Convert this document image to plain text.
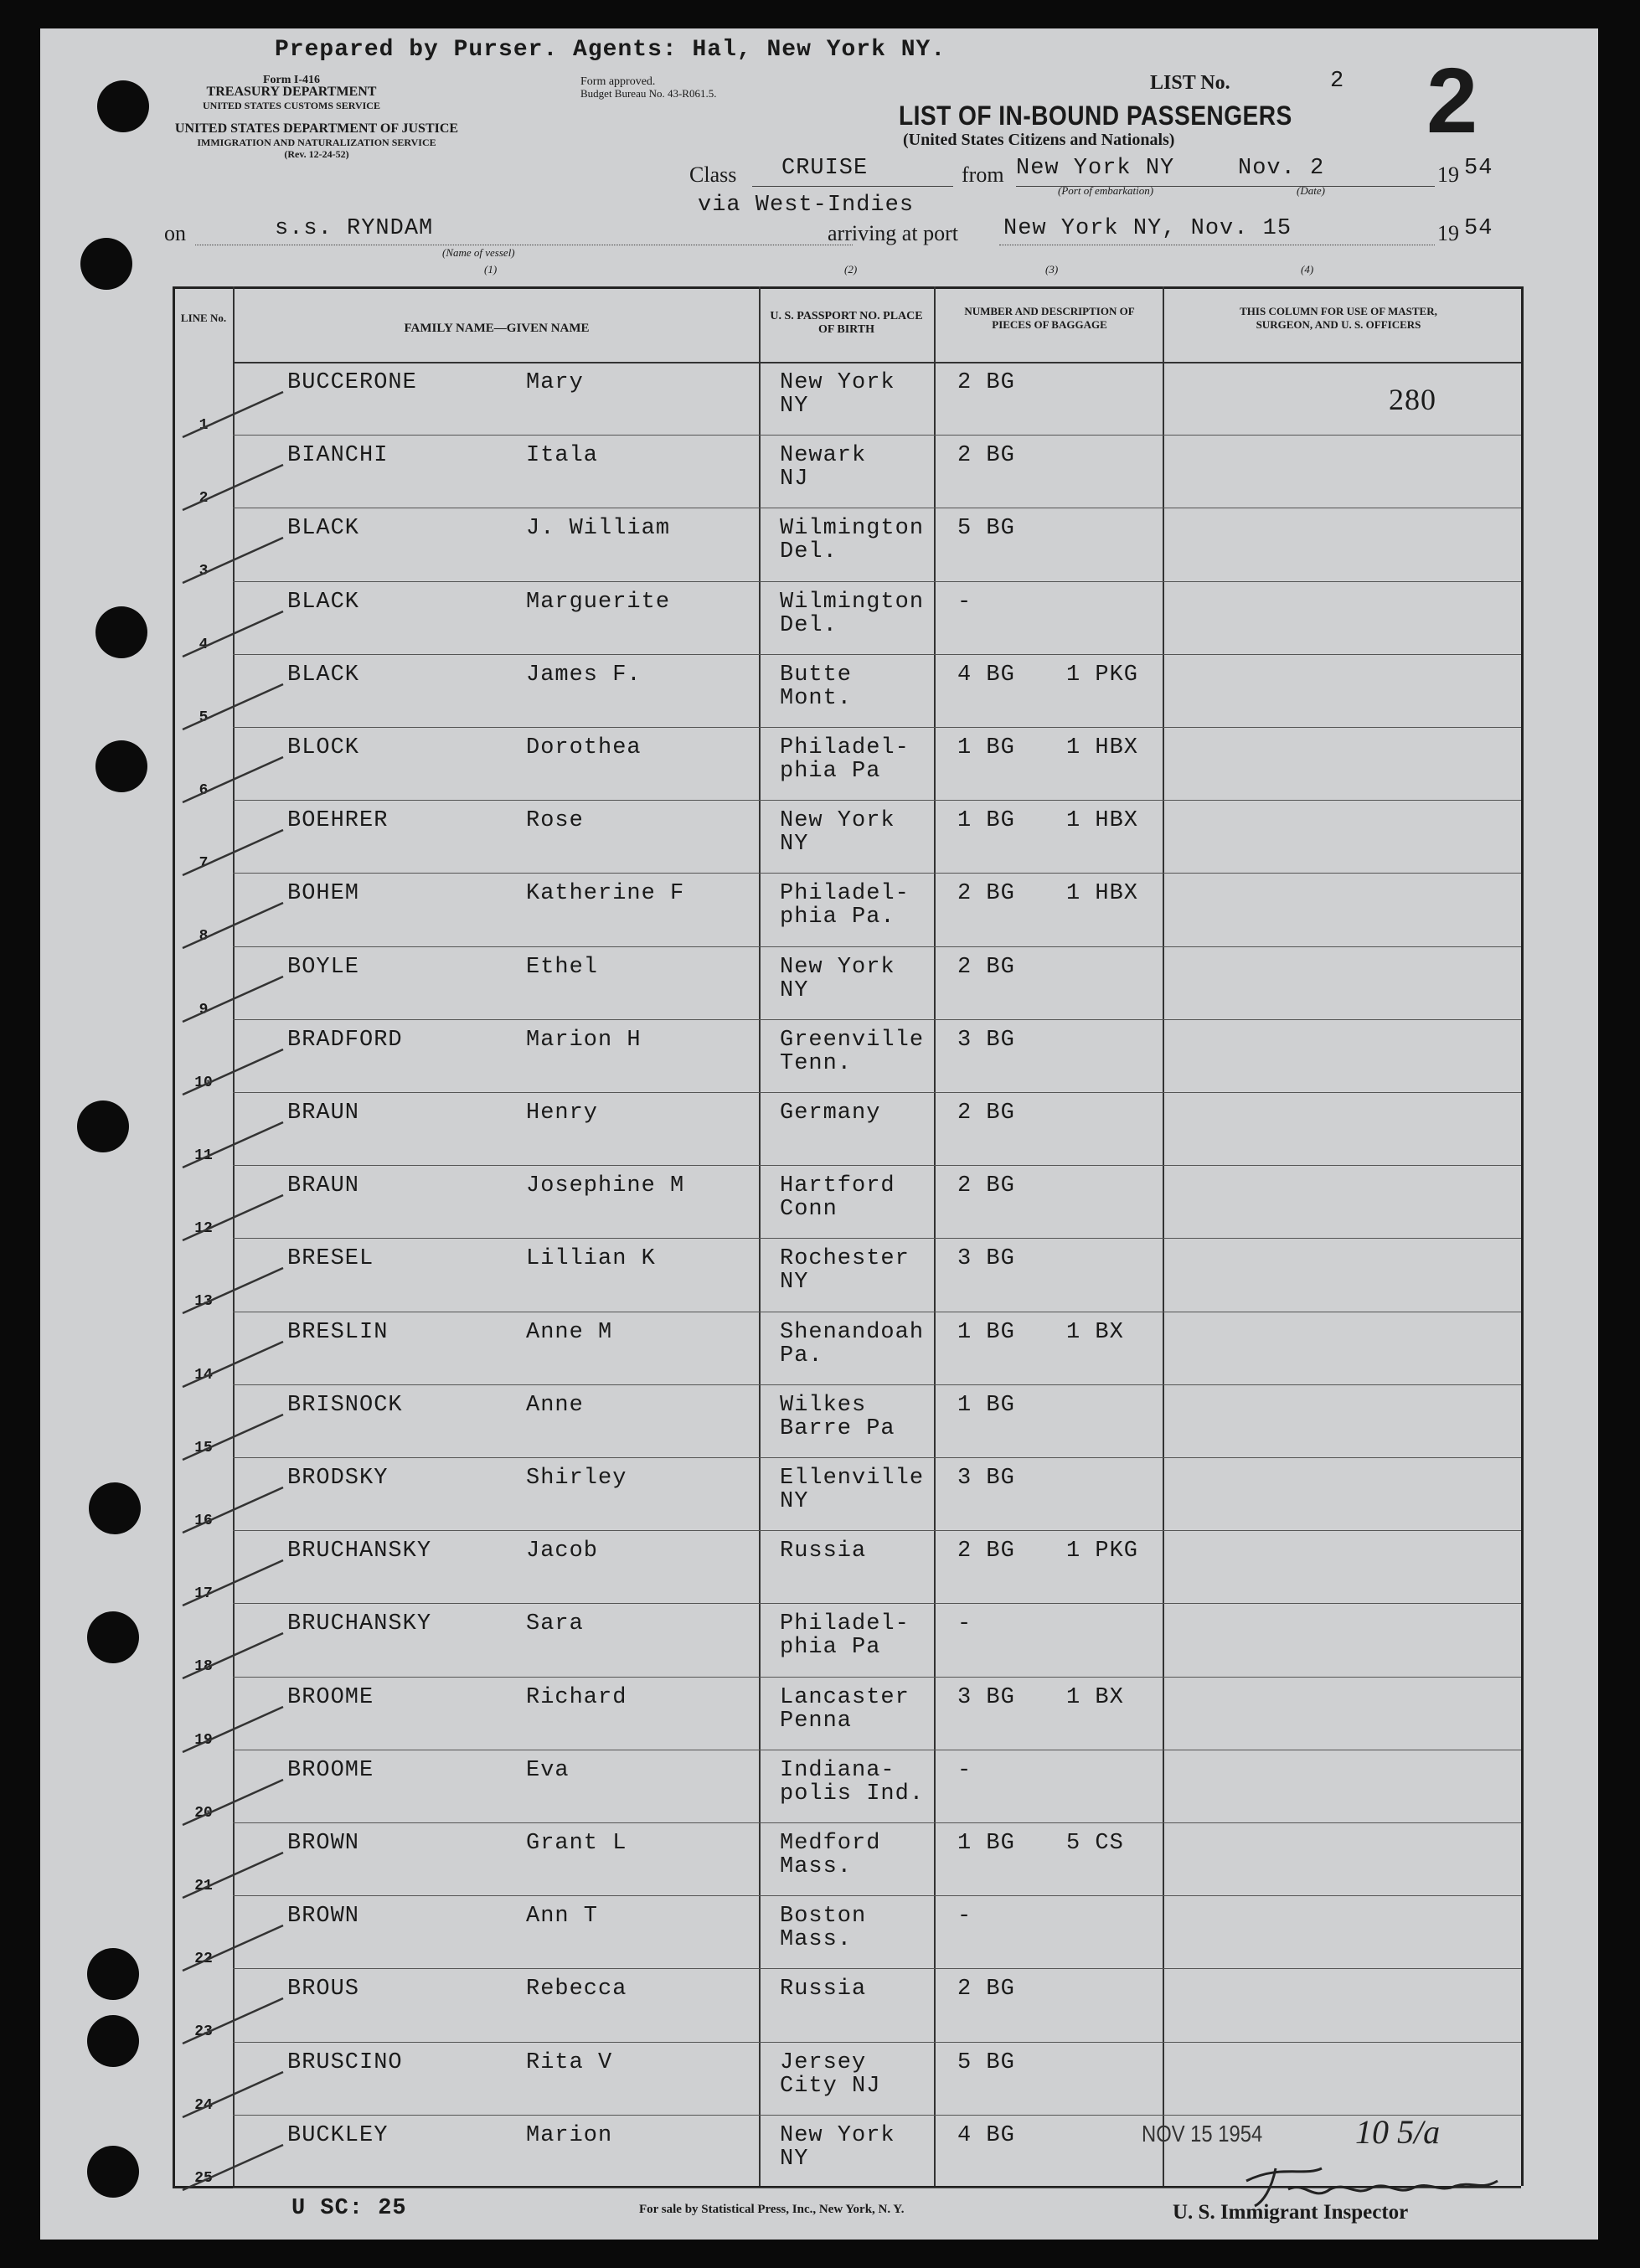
Prepared by Purser. Agents: Hal, New York NY.
Form I-416
TREASURY DEPARTMENT
UNITED STATES CUSTOMS SERVICE
UNITED STATES DEPARTMENT OF JUSTICE
IMMIGRATION AND NATURALIZATION SERVICE
(Rev. 12-24-52)
Form approved.
Budget Bureau No. 43-R061.5.	LIST No.	2 2
LIST OF IN-BOUND PASSENGERS
(United States Citizens and Nationals)
Class CRUISE	from New York NY
(Port of embarkation)
Nov. 2
(Date)
19 54
via West-Indies
on	s.s. RYNDAM
(Name of vessel)
(1)
arriving at port
(2)
New York NY, Nov. 15
(3)	(4)
19 54
LINE No.
FAMILY NAME—GIVEN NAME
U. S. PASSPORT NO. PLACE OF BIRTH
NUMBER AND DESCRIPTION OF PIECES OF BAGGAGE
THIS COLUMN FOR USE OF MASTER, SURGEON, AND U. S. OFFICERS
1
BUCCERONE	Mary	New York
NY
2 BG	280
2
BIANCHI	Itala	Newark
NJ
2 BG
3
BLACK	J. William	Wilmington
Del.
5 BG
4
BLACK	Marguerite	Wilmington
Del.
-
5
BLACK	James F.	Butte
Mont.
4 BG 1 PKG
6
BLOCK	Dorothea	Philadel-
phia Pa
1 BG 1 HBX
7
BOEHRER	Rose	New York
NY
1 BG 1 HBX
8
BOHEM	Katherine F	Philadel-
phia Pa.
2 BG 1 HBX
9
BOYLE	Ethel	New York
NY
2 BG
10
BRADFORD	Marion H	Greenville
Tenn.
3 BG
11
BRAUN	Henry	Germany	2 BG
12
BRAUN	Josephine M	Hartford
Conn
2 BG
13
BRESEL	Lillian K	Rochester
NY
3 BG
14
BRESLIN	Anne M	Shenandoah
Pa.
1 BG 1 BX
15
BRISNOCK	Anne	Wilkes
Barre Pa
1 BG
16
BRODSKY	Shirley	Ellenville
NY
3 BG
17
BRUCHANSKY	Jacob	Russia	2 BG 1 PKG
18
BRUCHANSKY	Sara	Philadel-
phia Pa
-
19
BROOME	Richard	Lancaster
Penna
3 BG 1 BX
20
BROOME	Eva	Indiana-
polis Ind.
-
21
BROWN	Grant L	Medford
Mass.
1 BG 5 CS
22
BROWN	Ann T	Boston
Mass.
-
23
BROUS	Rebecca	Russia	2 BG
24
BRUSCINO	Rita V	Jersey
City NJ
5 BG
25
BUCKLEY	Marion	New York
NY
4 BG
U SC: 25	For sale by Statistical Press, Inc., New York, N. Y.
NOV 15 1954	10 5/a
U. S. Immigrant Inspector
